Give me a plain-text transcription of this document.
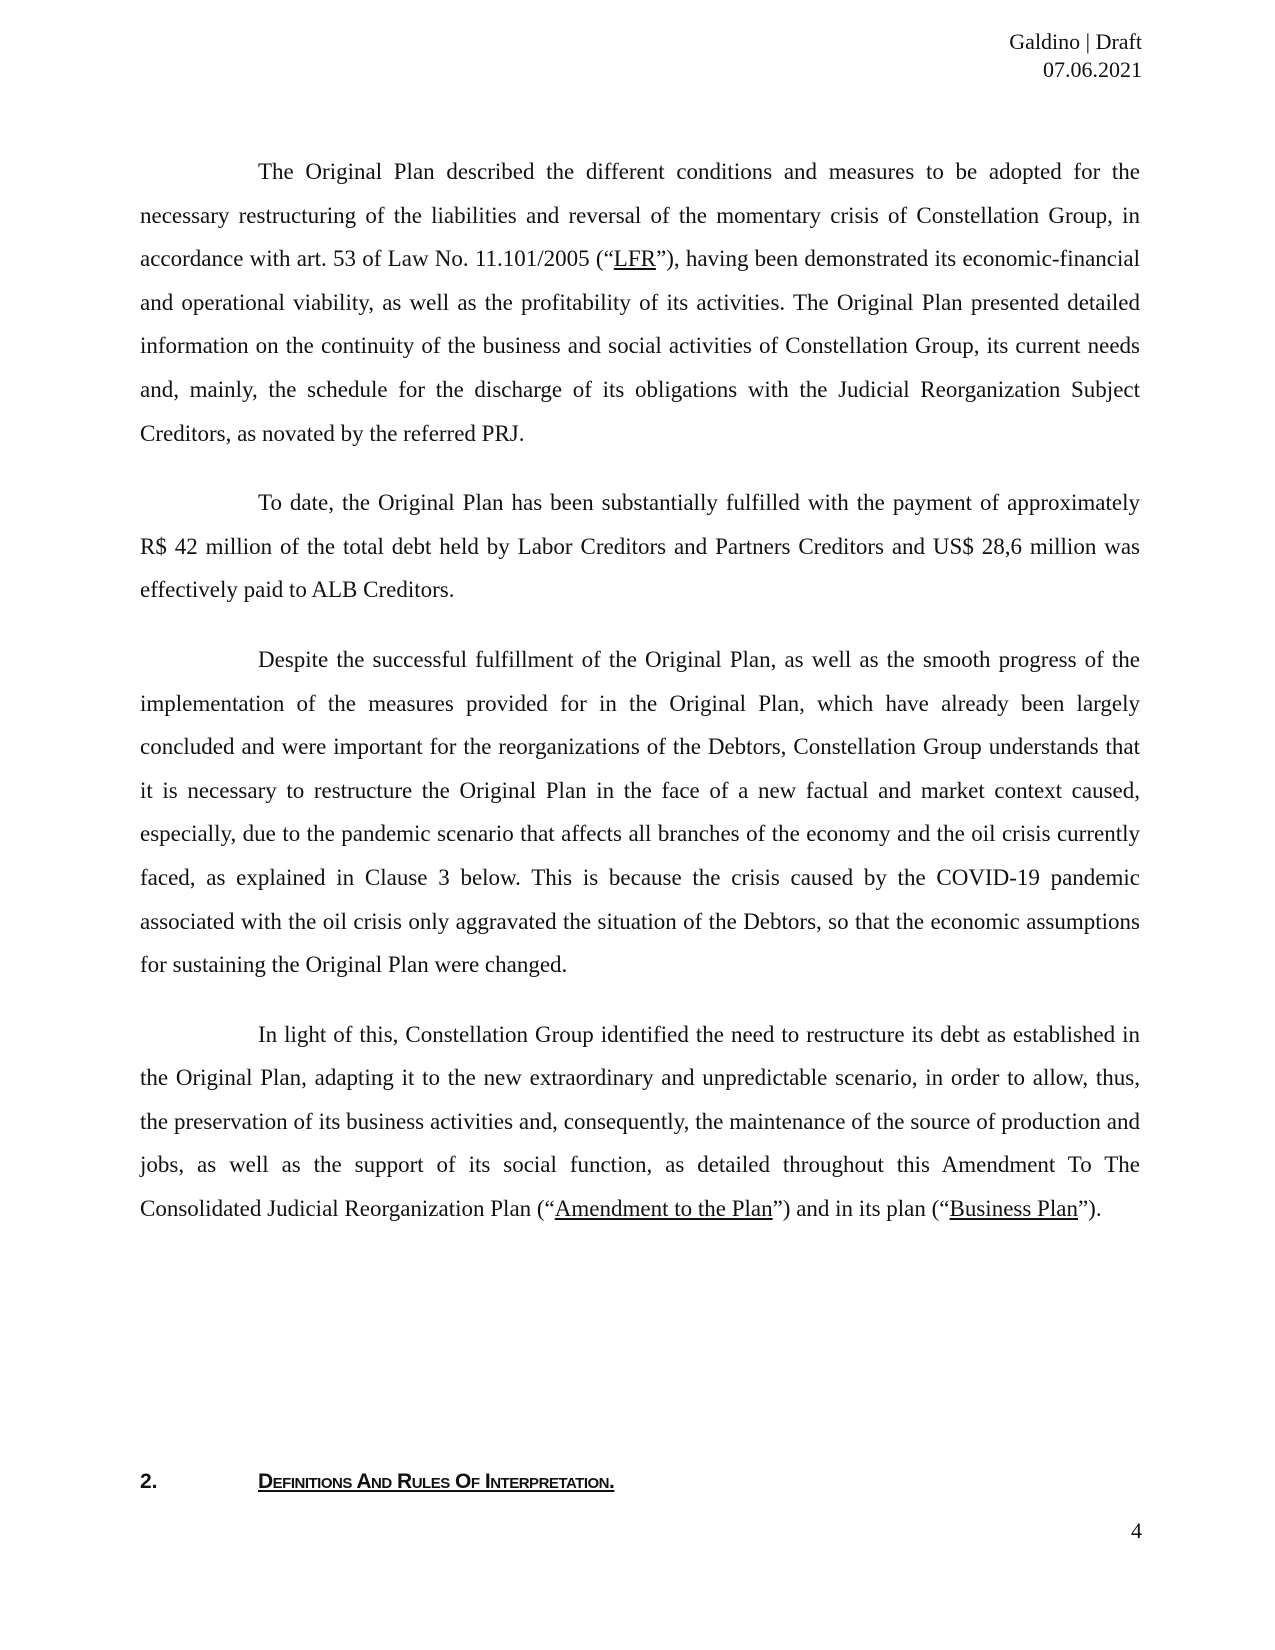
Galdino | Draft
07.06.2021

The Original Plan described the different conditions and measures to be adopted for the necessary restructuring of the liabilities and reversal of the momentary crisis of Constellation Group, in accordance with art. 53 of Law No. 11.101/2005 (“LFR”), having been demonstrated its economic-financial and operational viability, as well as the profitability of its activities. The Original Plan presented detailed information on the continuity of the business and social activities of Constellation Group, its current needs and, mainly, the schedule for the discharge of its obligations with the Judicial Reorganization Subject Creditors, as novated by the referred PRJ.

To date, the Original Plan has been substantially fulfilled with the payment of approximately R$ 42 million of the total debt held by Labor Creditors and Partners Creditors and US$ 28,6 million was effectively paid to ALB Creditors.

Despite the successful fulfillment of the Original Plan, as well as the smooth progress of the implementation of the measures provided for in the Original Plan, which have already been largely concluded and were important for the reorganizations of the Debtors, Constellation Group understands that it is necessary to restructure the Original Plan in the face of a new factual and market context caused, especially, due to the pandemic scenario that affects all branches of the economy and the oil crisis currently faced, as explained in Clause 3 below. This is because the crisis caused by the COVID-19 pandemic associated with the oil crisis only aggravated the situation of the Debtors, so that the economic assumptions for sustaining the Original Plan were changed.

In light of this, Constellation Group identified the need to restructure its debt as established in the Original Plan, adapting it to the new extraordinary and unpredictable scenario, in order to allow, thus, the preservation of its business activities and, consequently, the maintenance of the source of production and jobs, as well as the support of its social function, as detailed throughout this Amendment To The Consolidated Judicial Reorganization Plan (“Amendment to the Plan”) and in its plan (“Business Plan”).

2.	Definitions And Rules Of Interpretation.
4
